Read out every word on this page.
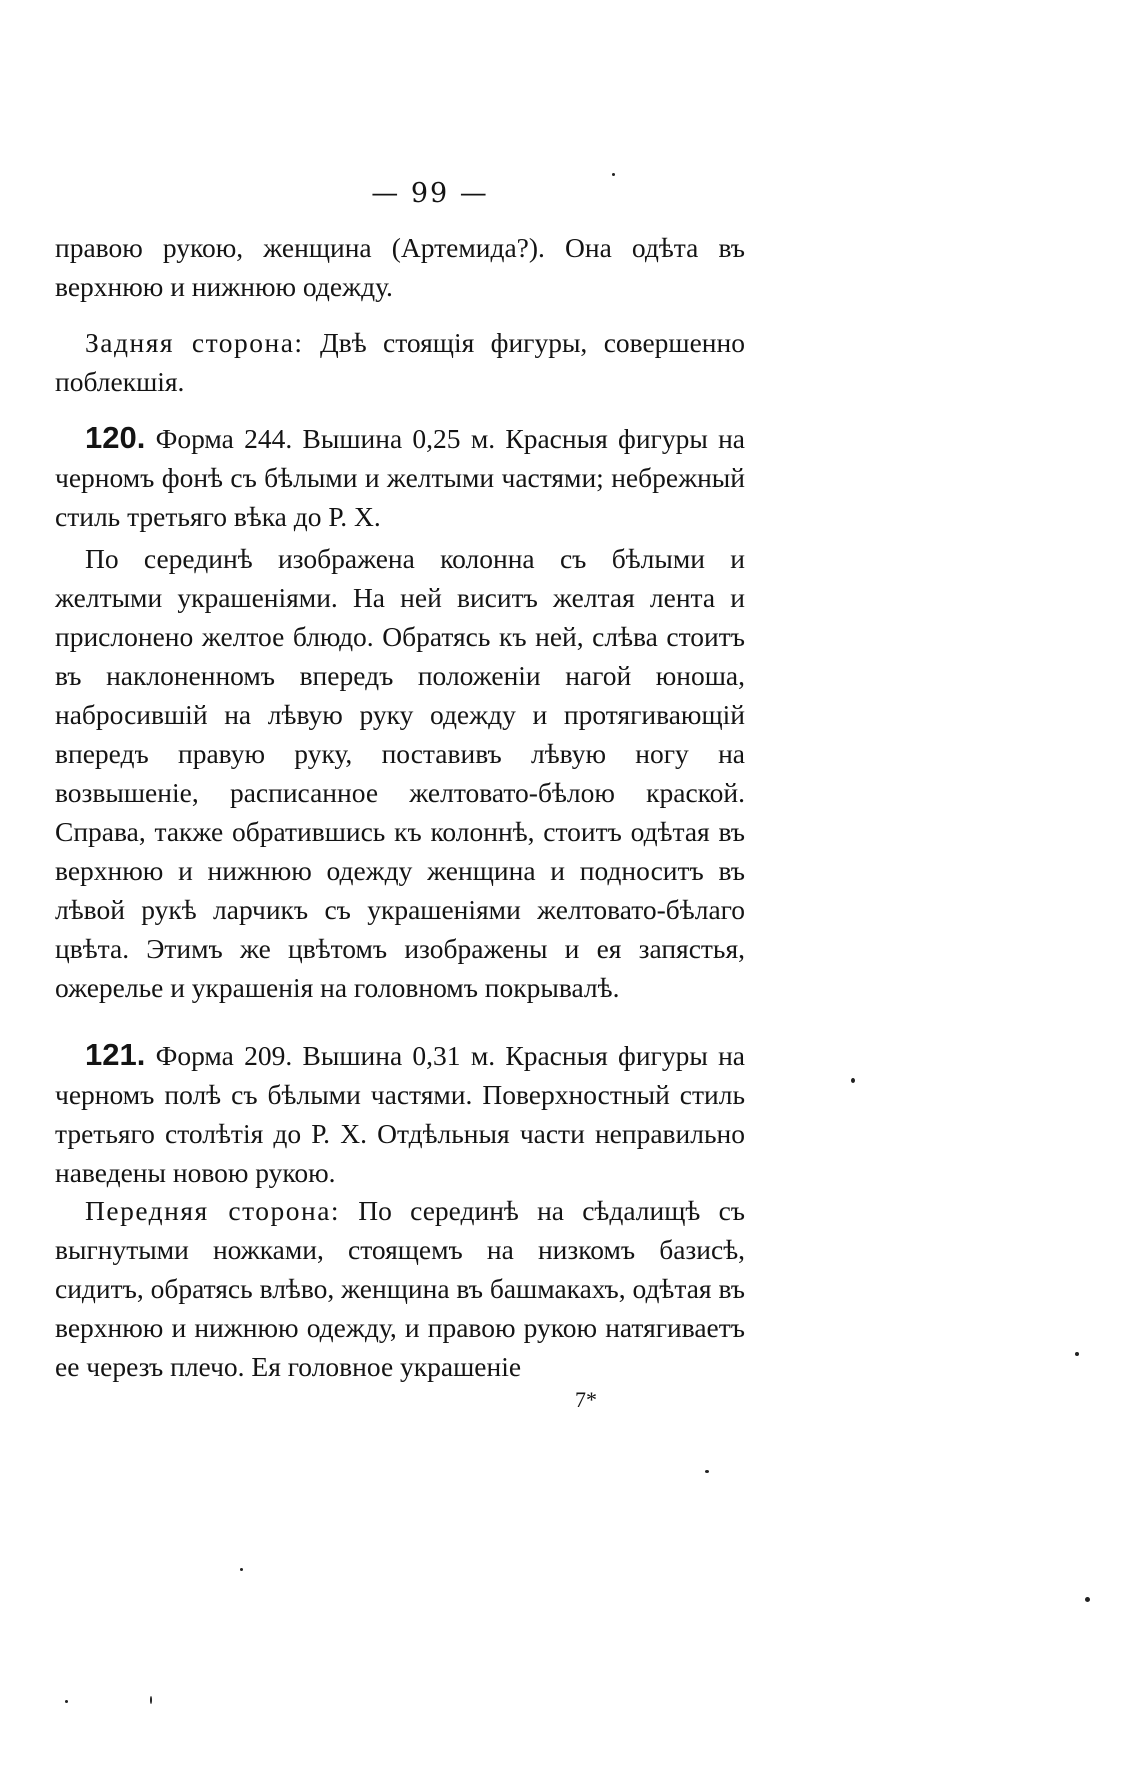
— 99 —

правою рукою, женщина (Артемида?). Она одѣта въ верхнюю и нижнюю одежду.

Задняя сторона: Двѣ стоящія фигуры, совершенно поблекшія.

120. Форма 244. Вышина 0,25 м. Красныя фигуры на черномъ фонѣ съ бѣлыми и желтыми частями; небрежный стиль третьяго вѣка до Р. Х.

По серединѣ изображена колонна съ бѣлыми и желтыми украшеніями. На ней виситъ желтая лента и прислонено желтое блюдо. Обратясь къ ней, слѣва стоитъ въ наклоненномъ впередъ положеніи нагой юноша, набросившій на лѣвую руку одежду и протягивающій впередъ правую руку, поставивъ лѣвую ногу на возвышеніе, расписанное желтовато-бѣлою краской. Справа, также обратившись къ колоннѣ, стоитъ одѣтая въ верхнюю и нижнюю одежду женщина и подноситъ въ лѣвой рукѣ ларчикъ съ украшеніями желтовато-бѣлаго цвѣта. Этимъ же цвѣтомъ изображены и ея запястья, ожерелье и украшенія на головномъ покрывалѣ.

121. Форма 209. Вышина 0,31 м. Красныя фигуры на черномъ полѣ съ бѣлыми частями. Поверхностный стиль третьяго столѣтія до Р. Х. Отдѣльныя части неправильно наведены новою рукою.

Передняя сторона: По серединѣ на сѣдалищѣ съ выгнутыми ножками, стоящемъ на низкомъ базисѣ, сидитъ, обратясь влѣво, женщина въ башмакахъ, одѣтая въ верхнюю и нижнюю одежду, и правою рукою натягиваетъ ее черезъ плечо. Ея головное украшеніе

7*
